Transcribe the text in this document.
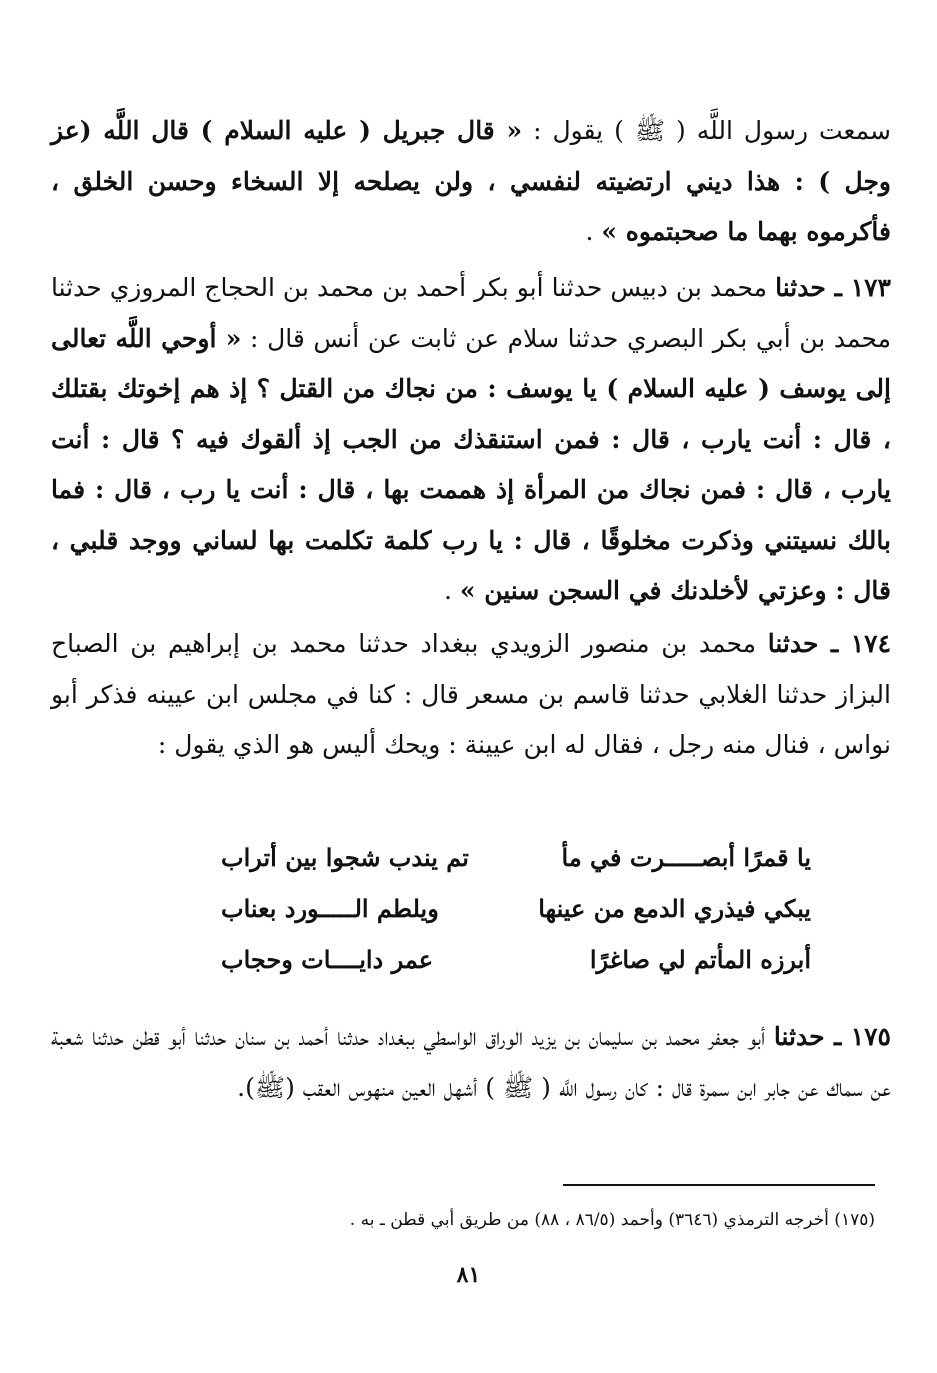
سمعت رسول اللَّه ( ﷺ ) يقول : « قال جبريل ( عليه السلام ) قال اللَّه (عز وجل ) : هذا ديني ارتضيته لنفسي ، ولن يصلحه إلا السخاء وحسن الخلق ، فأكرموه بهما ما صحبتموه » .
١٧٣ ـ حدثنا محمد بن دبيس حدثنا أبو بكر أحمد بن محمد بن الحجاج المروزي حدثنا محمد بن أبي بكر البصري حدثنا سلام عن ثابت عن أنس قال : « أوحي اللَّه تعالى إلى يوسف ( عليه السلام ) يا يوسف : من نجاك من القتل ؟ إذ هم إخوتك بقتلك ، قال : أنت يارب ، قال : فمن استنقذك من الجب إذ ألقوك فيه ؟ قال : أنت يارب ، قال : فمن نجاك من المرأة إذ هممت بها ، قال : أنت يا رب ، قال : فما بالك نسيتني وذكرت مخلوقًا ، قال : يا رب كلمة تكلمت بها لساني ووجد قلبي ، قال : وعزتي لأخلدنك في السجن سنين » .
١٧٤ ـ حدثنا محمد بن منصور الزويدي ببغداد حدثنا محمد بن إبراهيم بن الصباح البزاز حدثنا الغلابي حدثنا قاسم بن مسعر قال : كنا في مجلس ابن عيينه فذكر أبو نواس ، فنال منه رجل ، فقال له ابن عيينة : ويحك أليس هو الذي يقول :
يا قمرًا أبصـــــرت في مأ
تم يندب شجوا بين أتراب
يبكي فيذري الدمع من عينها
ويلطم الـــــورد بعناب
أبرزه المأتم لي صاغرًا
عمر دايــــات وحجاب
١٧٥ ـ حدثنا أبو جعفر محمد بن سليمان بن يزيد الوراق الواسطي ببغداد حدثنا أحمد بن سنان حدثنا أبو قطن حدثنا شعبة عن سماك عن جابر ابن سمرة قال : كان رسول اللَّه ( ﷺ ) أشهل العين منهوس العقب (ﷺ).
(١٧٥) أخرجه الترمذي (٣٦٤٦) وأحمد (٨٦/٥ ، ٨٨) من طريق أبي قطن ـ به .
٨١
